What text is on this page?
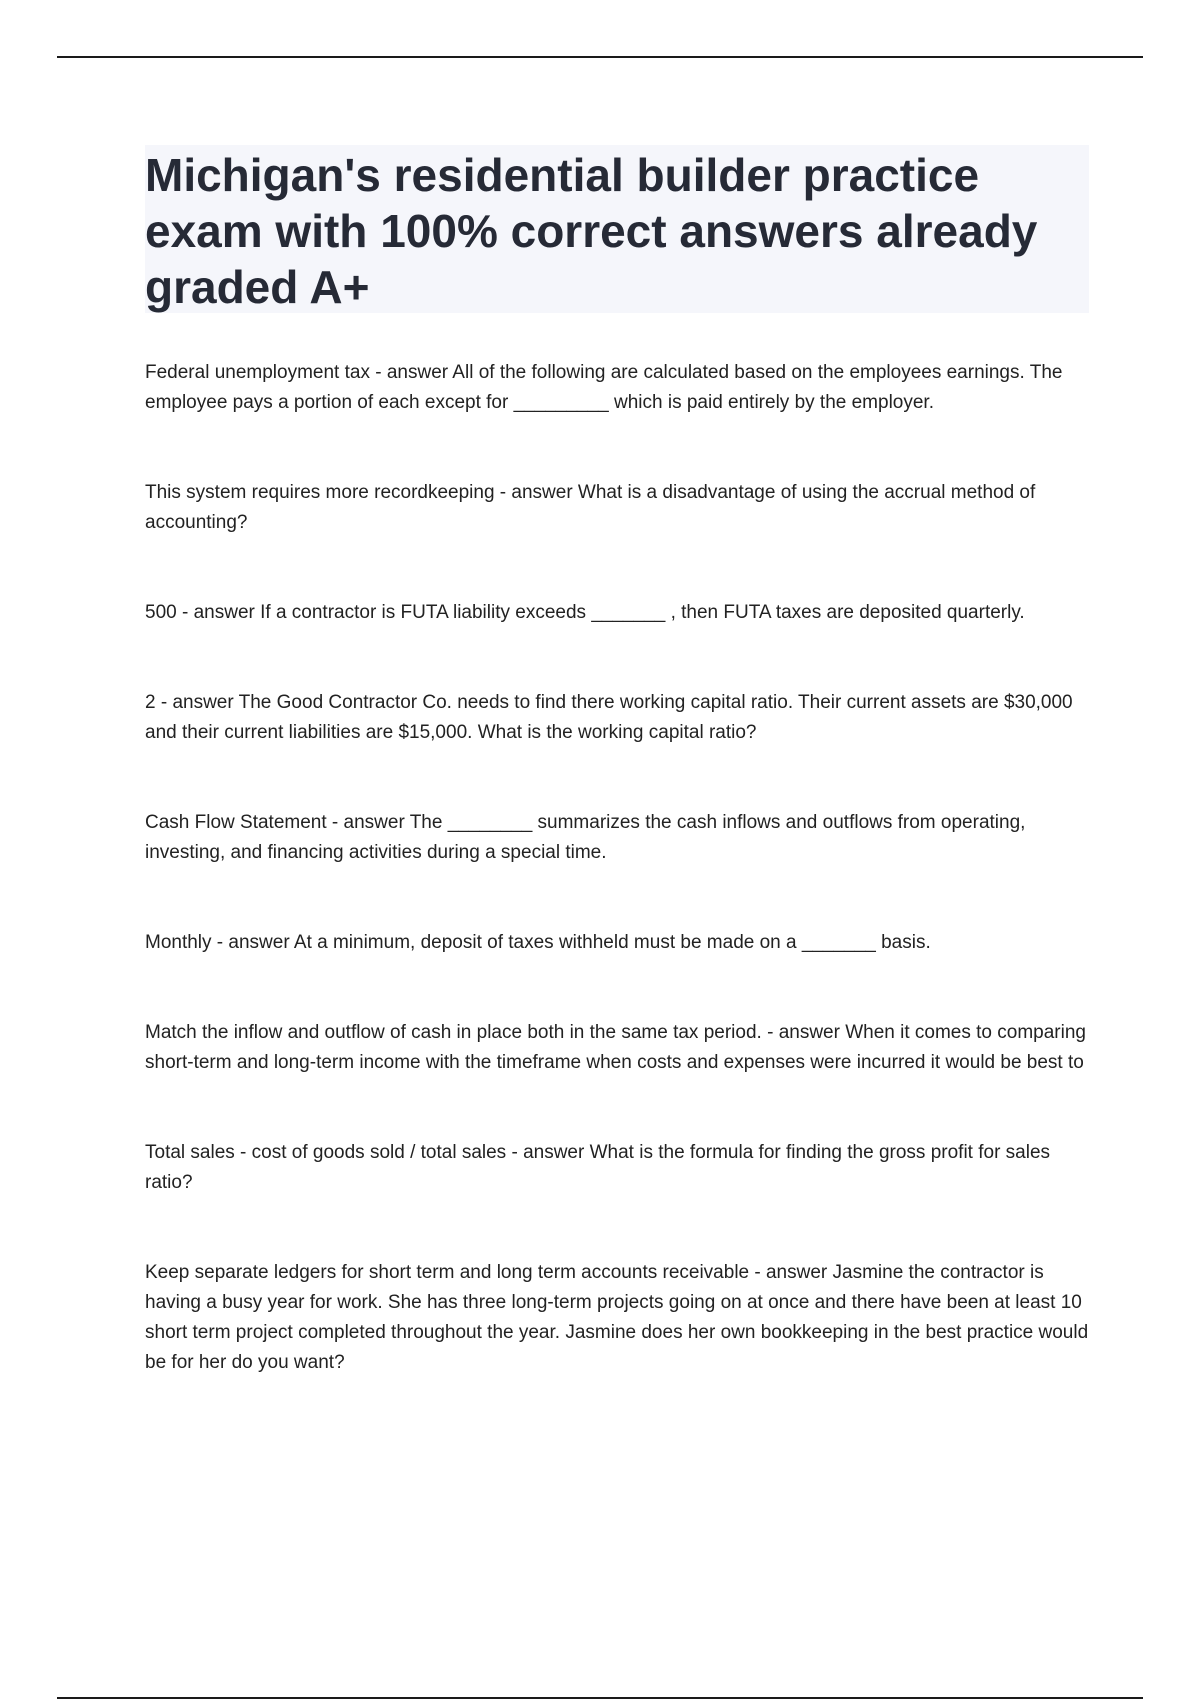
Michigan's residential builder practice exam with 100% correct answers already graded A+

Federal unemployment tax - answer All of the following are calculated based on the employees earnings. The employee pays a portion of each except for _________ which is paid entirely by the employer.

This system requires more recordkeeping - answer What is a disadvantage of using the accrual method of accounting?

500 - answer If a contractor is FUTA liability exceeds _______ , then FUTA taxes are deposited quarterly.

2 - answer The Good Contractor Co. needs to find there working capital ratio. Their current assets are $30,000 and their current liabilities are $15,000. What is the working capital ratio?

Cash Flow Statement - answer The ________ summarizes the cash inflows and outflows from operating, investing, and financing activities during a special time.

Monthly - answer At a minimum, deposit of taxes withheld must be made on a _______ basis.

Match the inflow and outflow of cash in place both in the same tax period. - answer When it comes to comparing short-term and long-term income with the timeframe when costs and expenses were incurred it would be best to

Total sales - cost of goods sold / total sales - answer What is the formula for finding the gross profit for sales ratio?

Keep separate ledgers for short term and long term accounts receivable - answer Jasmine the contractor is having a busy year for work. She has three long-term projects going on at once and there have been at least 10 short term project completed throughout the year. Jasmine does her own bookkeeping in the best practice would be for her do you want?
